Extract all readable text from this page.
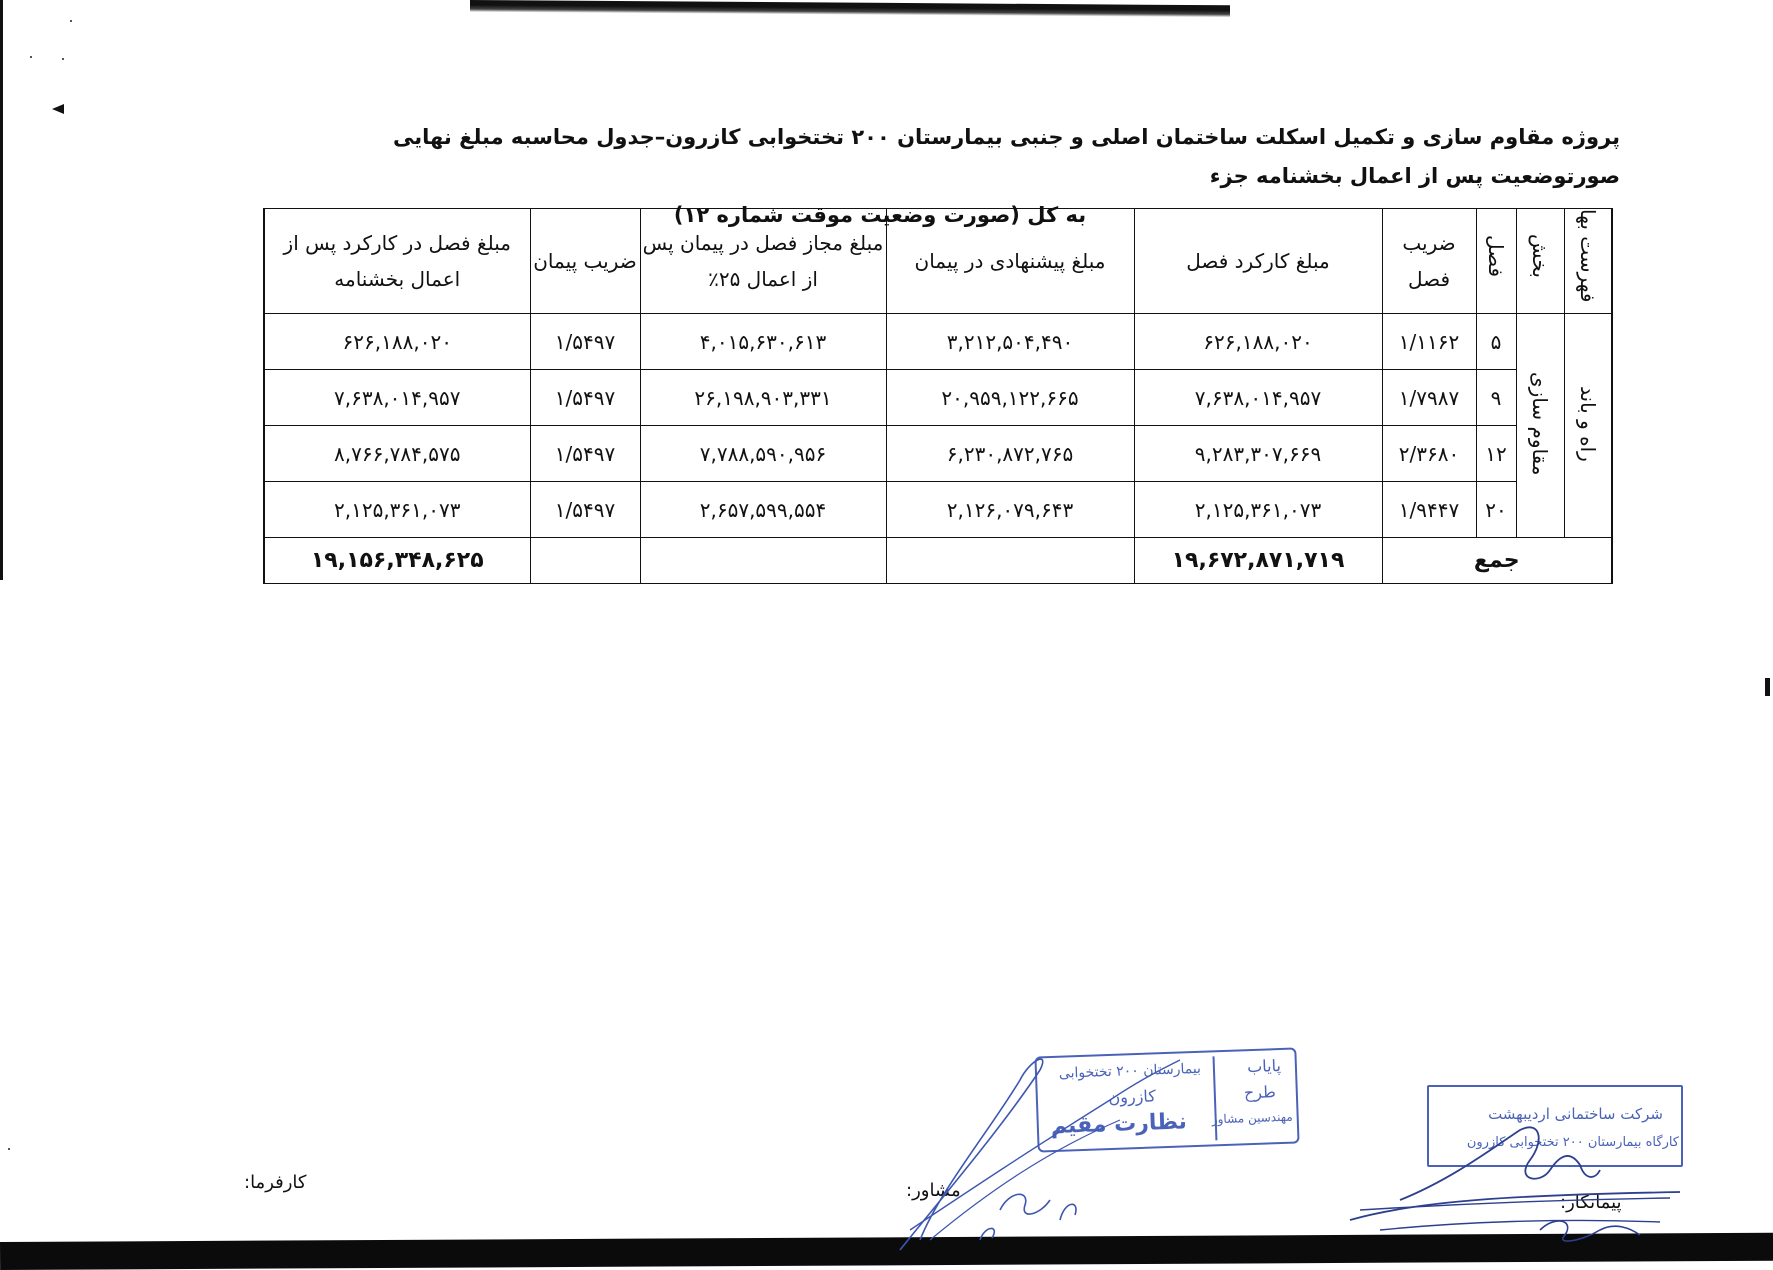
پروژه مقاوم سازی و تکمیل اسکلت ساختمان اصلی و جنبی بیمارستان ۲۰۰ تختخوابی کازرون–جدول محاسبه مبلغ نهایی صورتوضعیت پس از اعمال بخشنامه جزء
به کل (صورت وضعیت موقت شماره ۱۲)	فهرست بها	بخش	فصل	ضریب فصل	مبلغ کارکرد فصل	مبلغ پیشنهادی در پیمان	مبلغ مجاز فصل در پیمان پس از اعمال ۲۵٪	ضریب پیمان	مبلغ فصل در کارکرد پس از اعمال بخشنامه
راه و باند	مقاوم سازی	۵	۱/۱۱۶۲	۶۲۶,۱۸۸,۰۲۰	۳,۲۱۲,۵۰۴,۴۹۰	۴,۰۱۵,۶۳۰,۶۱۳	۱/۵۴۹۷	۶۲۶,۱۸۸,۰۲۰
		۹	۱/۷۹۸۷	۷,۶۳۸,۰۱۴,۹۵۷	۲۰,۹۵۹,۱۲۲,۶۶۵	۲۶,۱۹۸,۹۰۳,۳۳۱	۱/۵۴۹۷	۷,۶۳۸,۰۱۴,۹۵۷
		۱۲	۲/۳۶۸۰	۹,۲۸۳,۳۰۷,۶۶۹	۶,۲۳۰,۸۷۲,۷۶۵	۷,۷۸۸,۵۹۰,۹۵۶	۱/۵۴۹۷	۸,۷۶۶,۷۸۴,۵۷۵
		۲۰	۱/۹۴۴۷	۲,۱۲۵,۳۶۱,۰۷۳	۲,۱۲۶,۰۷۹,۶۴۳	۲,۶۵۷,۵۹۹,۵۵۴	۱/۵۴۹۷	۲,۱۲۵,۳۶۱,۰۷۳
جمع				۱۹,۶۷۲,۸۷۱,۷۱۹				۱۹,۱۵۶,۳۴۸,۶۲۵
کارفرما:	مشاور:
پیمانکار:
پایاب
طرح
مهندسین مشاور
بیمارستان ۲۰۰ تختخوابی
کازرون
نظارت مقیم	شرکت ساختمانی اردیبهشت
کارگاه بیمارستان ۲۰۰ تختخوابی کازرون
